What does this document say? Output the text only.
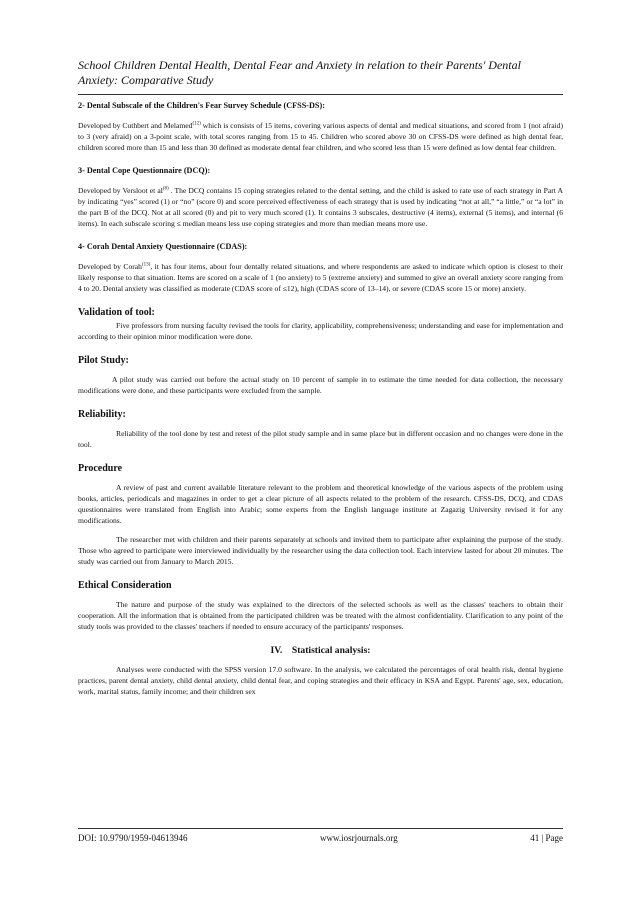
School Children Dental Health, Dental Fear and Anxiety in relation to their Parents' Dental Anxiety: Comparative Study
2- Dental Subscale of the Children's Fear Survey Schedule (CFSS-DS):

Developed by Cuthbert and Melamed$^{(12)}$ which is consists of 15 items, covering various aspects of dental and medical situations, and scored from 1 (not afraid) to 3 (very afraid) on a 3-point scale, with total scores ranging from 15 to 45. Children who scored above 30 on CFSS-DS were defined as high dental fear, children scored more than 15 and less than 30 defined as moderate dental fear children, and who scored less than 15 were defined as low dental fear children.

3- Dental Cope Questionnaire (DCQ):

Developed by Versloot et $al^{(8)}$ . The DCQ contains 15 coping strategies related to the dental setting, and the child is asked to rate use of each strategy in Part A by indicating “yes” scored (1) or “no” (score 0) and score perceived effectiveness of each strategy that is used by indicating “not at all,” “a little,” or “a lot” in the part B of the DCQ. Not at all scored (0) and pit to very much scored (1). It contains 3 subscales, destructive (4 items), external (5 items), and internal (6 items). In each subscale scoring ≤ median means less use coping strategies and more than median means more use.

4- Corah Dental Anxiety Questionnaire (CDAS):

Developed by Corah$^{(13)}$, it has four items, about four dentally related situations, and where respondents are asked to indicate which option is closest to their likely response to that situation. Items are scored on a scale of 1 (no anxiety) to 5 (extreme anxiety) and summed to give an overall anxiety score ranging from 4 to 20. Dental anxiety was classified as moderate (CDAS score of ≤12), high (CDAS score of 13–14), or severe (CDAS score 15 or more) anxiety.

Validation of tool:

Five professors from nursing faculty revised the tools for clarity, applicability, comprehensiveness; understanding and ease for implementation and according to their opinion minor modification were done.

Pilot Study:

A pilot study was carried out before the actual study on 10 percent of sample in to estimate the time needed for data collection, the necessary modifications were done, and these participants were excluded from the sample.

Reliability:

Reliability of the tool done by test and retest of the pilot study sample and in same place but in different occasion and no changes were done in the tool.

Procedure

A review of past and current available literature relevant to the problem and theoretical knowledge of the various aspects of the problem using books, articles, periodicals and magazines in order to get a clear picture of all aspects related to the problem of the research. CFSS-DS, DCQ, and CDAS questionnaires were translated from English into Arabic; some experts from the English language institute at Zagazig University revised it for any modifications.

The researcher met with children and their parents separately at schools and invited them to participate after explaining the purpose of the study. Those who agreed to participate were interviewed individually by the researcher using the data collection tool. Each interview lasted for about 20 minutes. The study was carried out from January to March 2015.

Ethical Consideration

The nature and purpose of the study was explained to the directors of the selected schools as well as the classes' teachers to obtain their cooperation. All the information that is obtained from the participated children was be treated with the almost confidentiality. Clarification to any point of the study tools was provided to the classes' teachers if needed to ensure accuracy of the participants' responses.

IV. Statistical analysis:

Analyses were conducted with the SPSS version 17.0 software. In the analysis, we calculated the percentages of oral health risk, dental hygiene practices, parent dental anxiety, child dental anxiety, child dental fear, and coping strategies and their efficacy in KSA and Egypt. Parents' age, sex, education, work, marital status, family income; and their children sex

DOI: 10.9790/1959-04613946	www.iosrjournals.org	41 | Page
